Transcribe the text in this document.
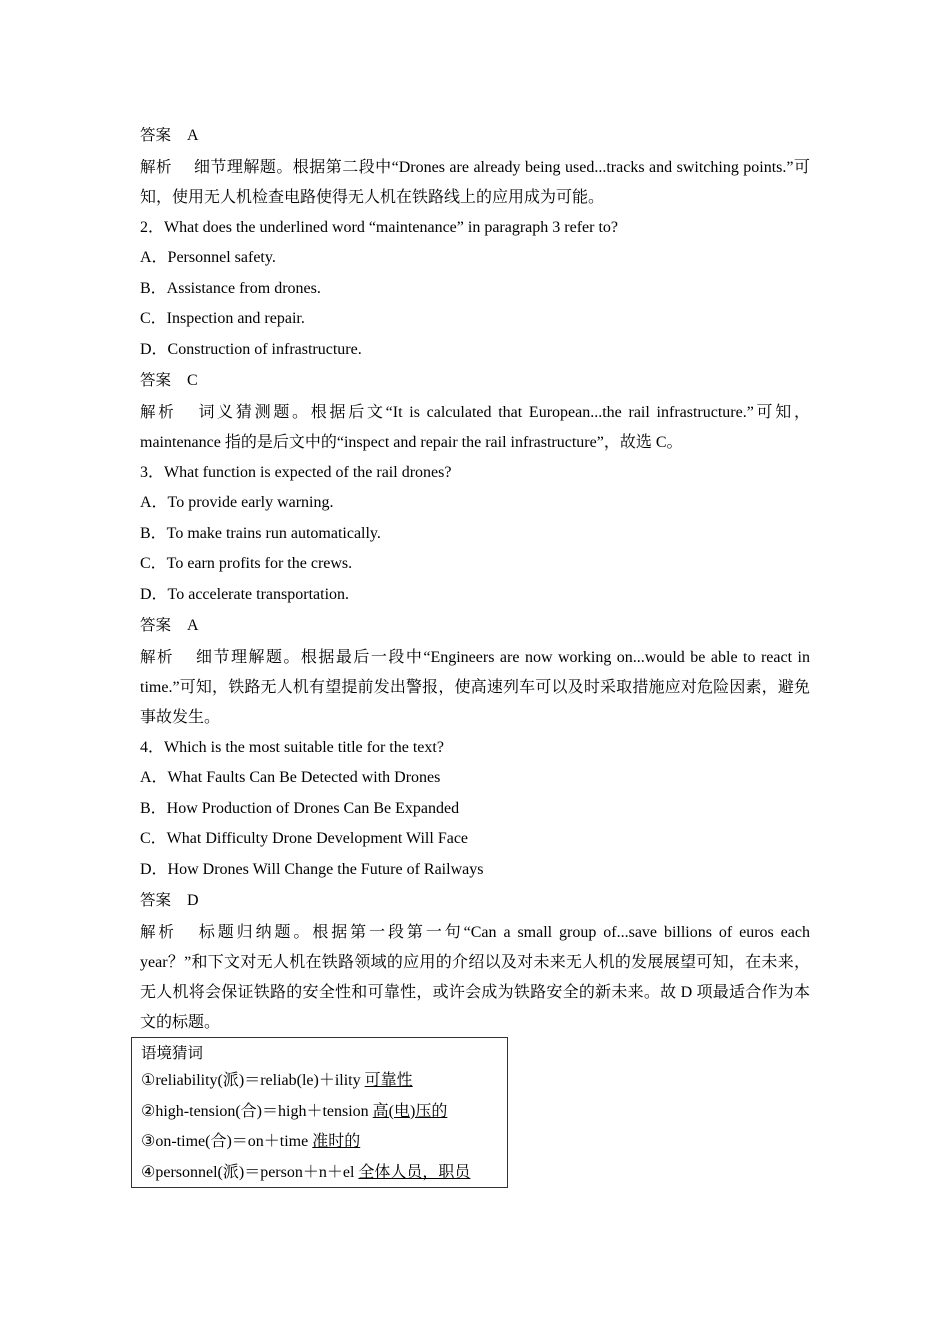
答案 A
解析 细节理解题。根据第二段中“Drones are already being used...tracks and switching points.”可知，使用无人机检查电路使得无人机在铁路线上的应用成为可能。
2．What does the underlined word “maintenance” in paragraph 3 refer to?
A．Personnel safety.
B．Assistance from drones.
C．Inspection and repair.
D．Construction of infrastructure.
答案 C
解析 词义猜测题。根据后文“It is calculated that European...the rail infrastructure.”可知，maintenance 指的是后文中的“inspect and repair the rail infrastructure”，故选 C。
3．What function is expected of the rail drones?
A．To provide early warning.
B．To make trains run automatically.
C．To earn profits for the crews.
D．To accelerate transportation.
答案 A
解析 细节理解题。根据最后一段中“Engineers are now working on...would be able to react in time.”可知，铁路无人机有望提前发出警报，使高速列车可以及时采取措施应对危险因素，避免事故发生。
4．Which is the most suitable title for the text?
A．What Faults Can Be Detected with Drones
B．How Production of Drones Can Be Expanded
C．What Difficulty Drone Development Will Face
D．How Drones Will Change the Future of Railways
答案 D
解析 标题归纳题。根据第一段第一句“Can a small group of...save billions of euros each year？”和下文对无人机在铁路领域的应用的介绍以及对未来无人机的发展展望可知，在未来，无人机将会保证铁路的安全性和可靠性，或许会成为铁路安全的新未来。故 D 项最适合作为本文的标题。
语境猜词
①reliability(派)＝reliab(le)＋ility 可靠性
②high-tension(合)＝high＋tension 高(电)压的
③on-time(合)＝on＋time 准时的
④personnel(派)＝person＋n＋el 全体人员，职员
